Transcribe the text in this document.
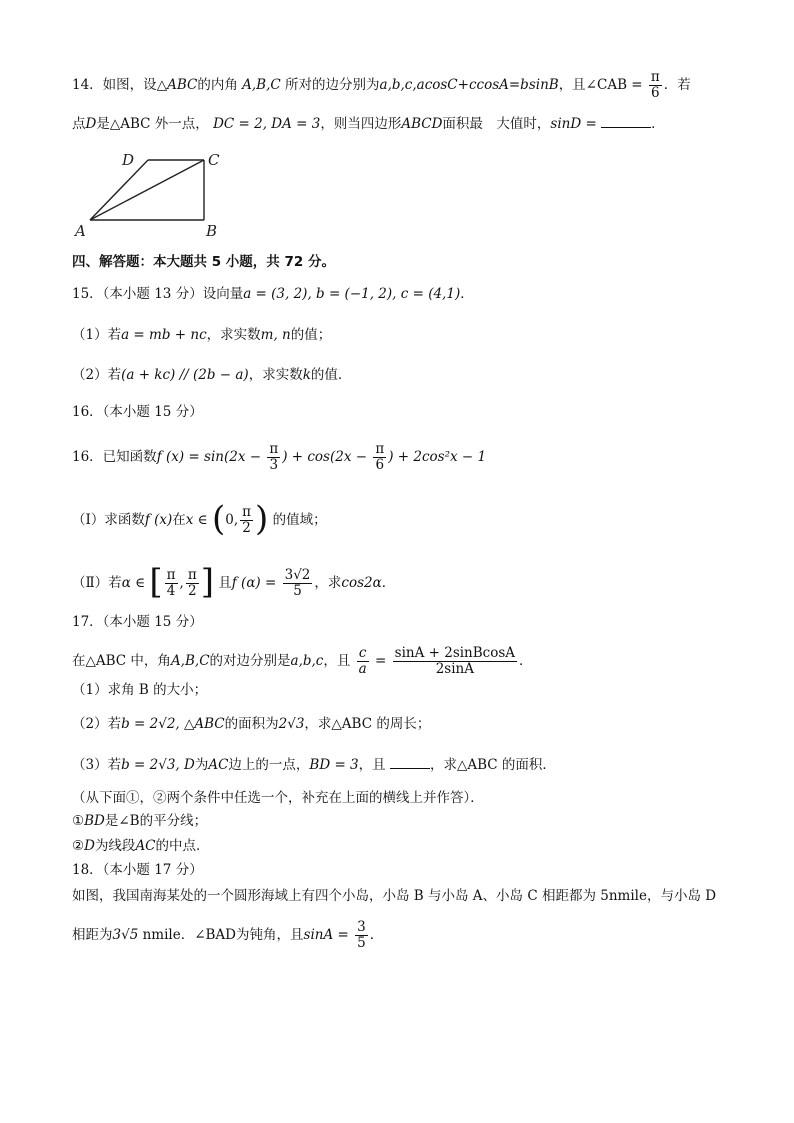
14．如图，设△ABC的内角 A,B,C 所对的边分别为a,b,c,acosC+ccosA=bsinB，且∠CAB = $\frac{\pi}{6}$ ．若
点D是△ABC 外一点， DC = 2, DA = 3，则当四边形ABCD面积最　大值时，sinD =	．
A	B
C
D
四、解答题：本大题共 5 小题，共 72 分。
15．（本小题 13 分）设向量a = (3, 2), b = (−1, 2), c = (4,1)．
（1）若a = mb + nc，求实数m, n的值；
（2）若(a + kc) // (2b − a)，求实数k的值．
16．（本小题 15 分）
16．已知函数f $(x) = \sin(2x - \frac{\pi}{3}$ ) + $\cos(2x - \frac{\pi}{6}$ ) + 2cos²x − 1
（Ⅰ）求函数f (x)在x ∈ (0, $\frac{\pi}{2}$ ) 的值域；
（Ⅱ）若α ∈ [ $\frac{\pi}{4}$ , $\frac{\pi}{2}$ ] 且f $(\alpha) = \frac{3√2}{5}$ ，求cos2α．
17．（本小题 15 分）
在△ABC 中，角A,B,C的对边分别是a,b,c，且 $\frac{c}{a} = \frac{\text{sinA + 2sinBcosA}}{2\sin A}$ ．
（1）求角 B 的大小；
（2）若b = 2√2, △ABC的面积为2√3，求△ABC 的周长；
（3）若b = 2√3, D为AC边上的一点，BD = 3，且	，求△ABC 的面积．
（从下面①，②两个条件中任选一个，补充在上面的横线上并作答）．
①BD是∠B的平分线；
②D为线段AC的中点．
18．（本小题 17 分）
如图，我国南海某处的一个圆形海域上有四个小岛，小岛 B 与小岛 A、小岛 C 相距都为 5nmile，与小岛 D
相距为3√5 nmile．∠BAD为钝角，且$\sin A = \frac{3}{5}$ ．
